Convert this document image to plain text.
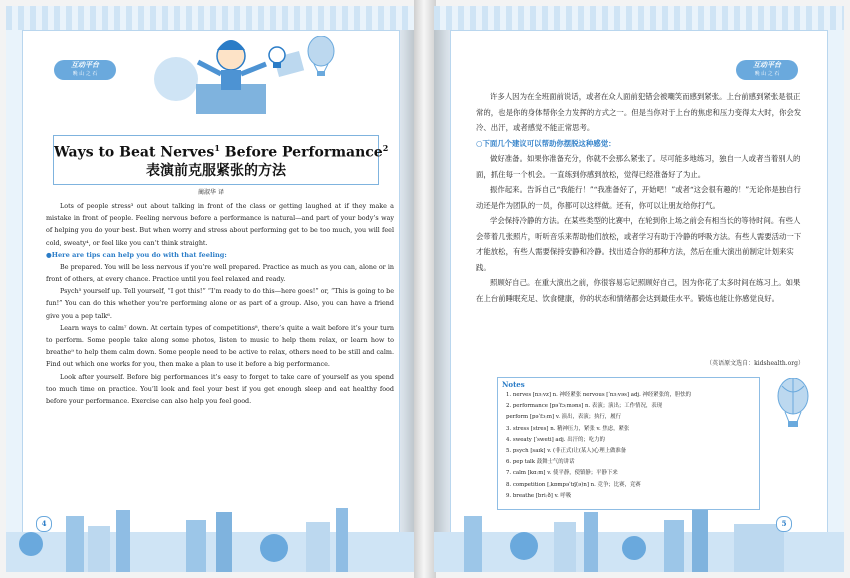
互动平台
晚 山 之 石
Ways to Beat Nerves$^1$ Before Performance$^2$
表演前克服紧张的方法
蔺淑华 译

Lots of people stress³ out about talking in front of the class or getting laughed at if they make a mistake in front of people. Feeling nervous before a performance is natural—and part of your body’s way of helping you do your best. But when worry and stress about performing get to be too much, you will feel cold, sweaty⁴, or feel like you can’t think straight.

●Here are tips can help you do with that feeling:

Be prepared. You will be less nervous if you’re well prepared. Practice as much as you can, alone or in front of others, at every chance. Practice until you feel relaxed and ready.

Psych⁵ yourself up. Tell yourself, “I got this!” “I’m ready to do this—here goes!” or, “This is going to be fun!” You can do this whether you’re performing alone or as part of a group. Also, you can have a friend give you a pep talk⁶.

Learn ways to calm⁷ down. At certain types of competitions⁸, there’s quite a wait before it’s your turn to perform. Some people take along some photos, listen to music to help them relax, or learn how to breathe⁹ to help them calm down. Some people need to be active to relax, others need to be still and calm. Find out which one works for you, then make a plan to use it before a big performance.

Look after yourself. Before big performances it’s easy to forget to take care of yourself as you spend too much time on practice. You’ll look and feel your best if you get enough sleep and eat healthy food before your performance. Exercise can also help you feel good.

4
互动平台
晚 山 之 石

许多人因为在全班面前说话，或者在众人面前犯错会被嘲笑而感到紧张。上台前感到紧张是很正常的，也是你的身体帮你全力发挥的方式之一。但是当你对于上台的焦虑和压力变得太大时，你会发冷、出汗，或者感觉不能正常思考。

○下面几个建议可以帮助你摆脱这种感觉：

做好准备。如果你准备充分，你就不会那么紧张了。尽可能多地练习，独自一人或者当着别人的面，抓住每一个机会。一直练到你感到放松，觉得已经准备好了为止。

振作起来。告诉自己“我能行！”“我准备好了，开始吧！”或者“这会很有趣的！”无论你是独自行动还是作为团队的一员，你都可以这样做。还有，你可以让朋友给你打气。

学会保持冷静的方法。在某些类型的比赛中，在轮到你上场之前会有相当长的等待时间。有些人会带着几张照片，听听音乐来帮助他们放松，或者学习有助于冷静的呼吸方法。有些人需要活动一下才能放松，有些人需要保持安静和冷静。找出适合你的那种方法，然后在重大演出前制定计划来实践。

照顾好自己。在重大演出之前，你很容易忘记照顾好自己，因为你花了太多时间在练习上。如果在上台前睡眠充足、饮食健康，你的状态和情绪都会达到最佳水平。锻炼也能让你感觉良好。

（英语原文选自：kidshealth.org）
Notes
1. nerves [nɜːvz] n. 神经紧张 nervous [ˈnɜːvəs] adj. 神经紧张的，胆怯的
2. performance [pəˈfɔːməns] n. 表演；演出；工作情况，表现
perform [pəˈfɔːm] v. 演出，表演；执行，履行
3. stress [stres] n. 精神压力，紧张 v. 焦虑，紧张
4. sweaty [ˈsweti] adj. 出汗的；吃力的
5. psych [saɪk] v. (非正式)让(某人)心理上做准备
6. pep talk 鼓舞士气的讲话
7. calm [kɑːm] v. 使平静，使镇静；平静下来
8. competition [ˌkɒmpəˈtɪʃ(ə)n] n. 竞争；比赛，竞赛
9. breathe [briːð] v. 呼吸
5
